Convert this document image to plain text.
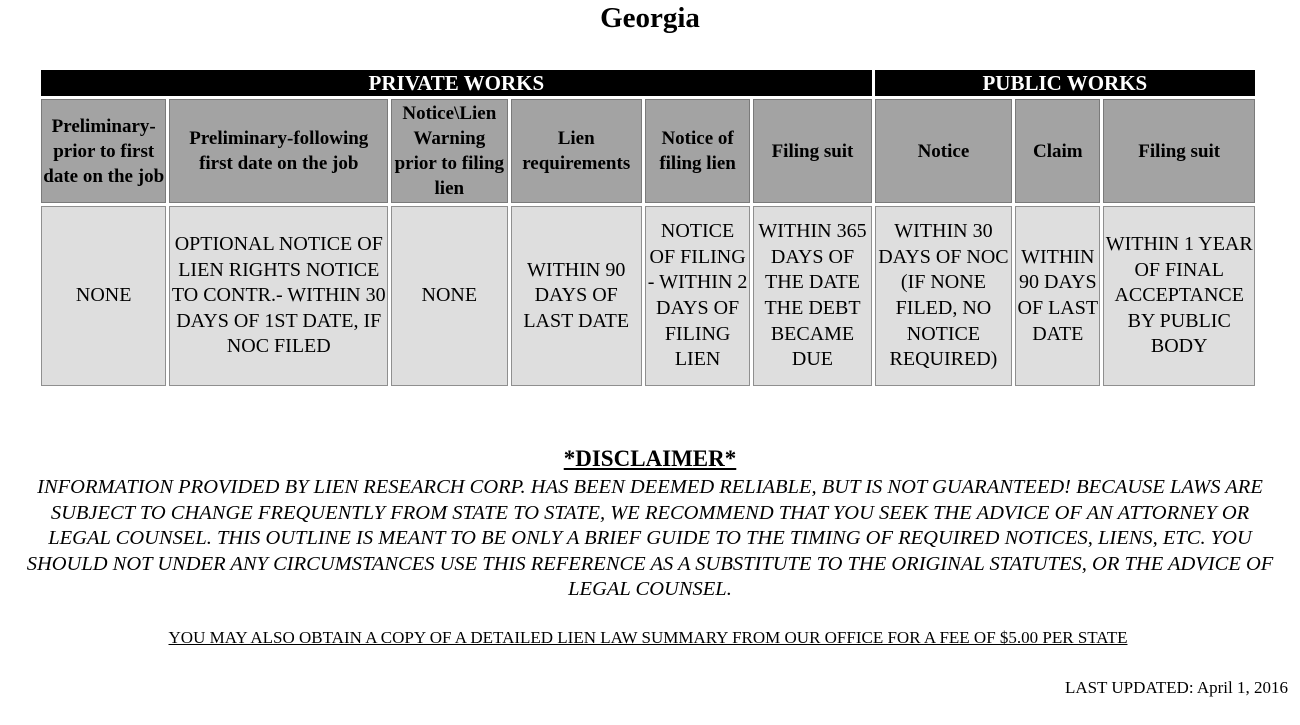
Georgia
PRIVATE WORKS						PUBLIC WORKS		
Preliminary-prior to first date on the job	Preliminary-following first date on the job	Notice\Lien Warning prior to filing lien	Lien requirements	Notice of filing lien	Filing suit	Notice	Claim	Filing suit
NONE	OPTIONAL NOTICE OF LIEN RIGHTS NOTICE TO CONTR.- WITHIN 30 DAYS OF 1ST DATE, IF NOC FILED	NONE	WITHIN 90 DAYS OF LAST DATE	NOTICE OF FILING - WITHIN 2 DAYS OF FILING LIEN	WITHIN 365 DAYS OF THE DATE THE DEBT BECAME DUE	WITHIN 30 DAYS OF NOC (IF NONE FILED, NO NOTICE REQUIRED)	WITHIN 90 DAYS OF LAST DATE	WITHIN 1 YEAR OF FINAL ACCEPTANCE BY PUBLIC BODY
*DISCLAIMER*
INFORMATION PROVIDED BY LIEN RESEARCH CORP. HAS BEEN DEEMED RELIABLE, BUT IS NOT GUARANTEED! BECAUSE LAWS ARE SUBJECT TO CHANGE FREQUENTLY FROM STATE TO STATE, WE RECOMMEND THAT YOU SEEK THE ADVICE OF AN ATTORNEY OR LEGAL COUNSEL. THIS OUTLINE IS MEANT TO BE ONLY A BRIEF GUIDE TO THE TIMING OF REQUIRED NOTICES, LIENS, ETC. YOU SHOULD NOT UNDER ANY CIRCUMSTANCES USE THIS REFERENCE AS A SUBSTITUTE TO THE ORIGINAL STATUTES, OR THE ADVICE OF LEGAL COUNSEL.
YOU MAY ALSO OBTAIN A COPY OF A DETAILED LIEN LAW SUMMARY FROM OUR OFFICE FOR A FEE OF $5.00 PER STATE
LAST UPDATED: April 1, 2016
